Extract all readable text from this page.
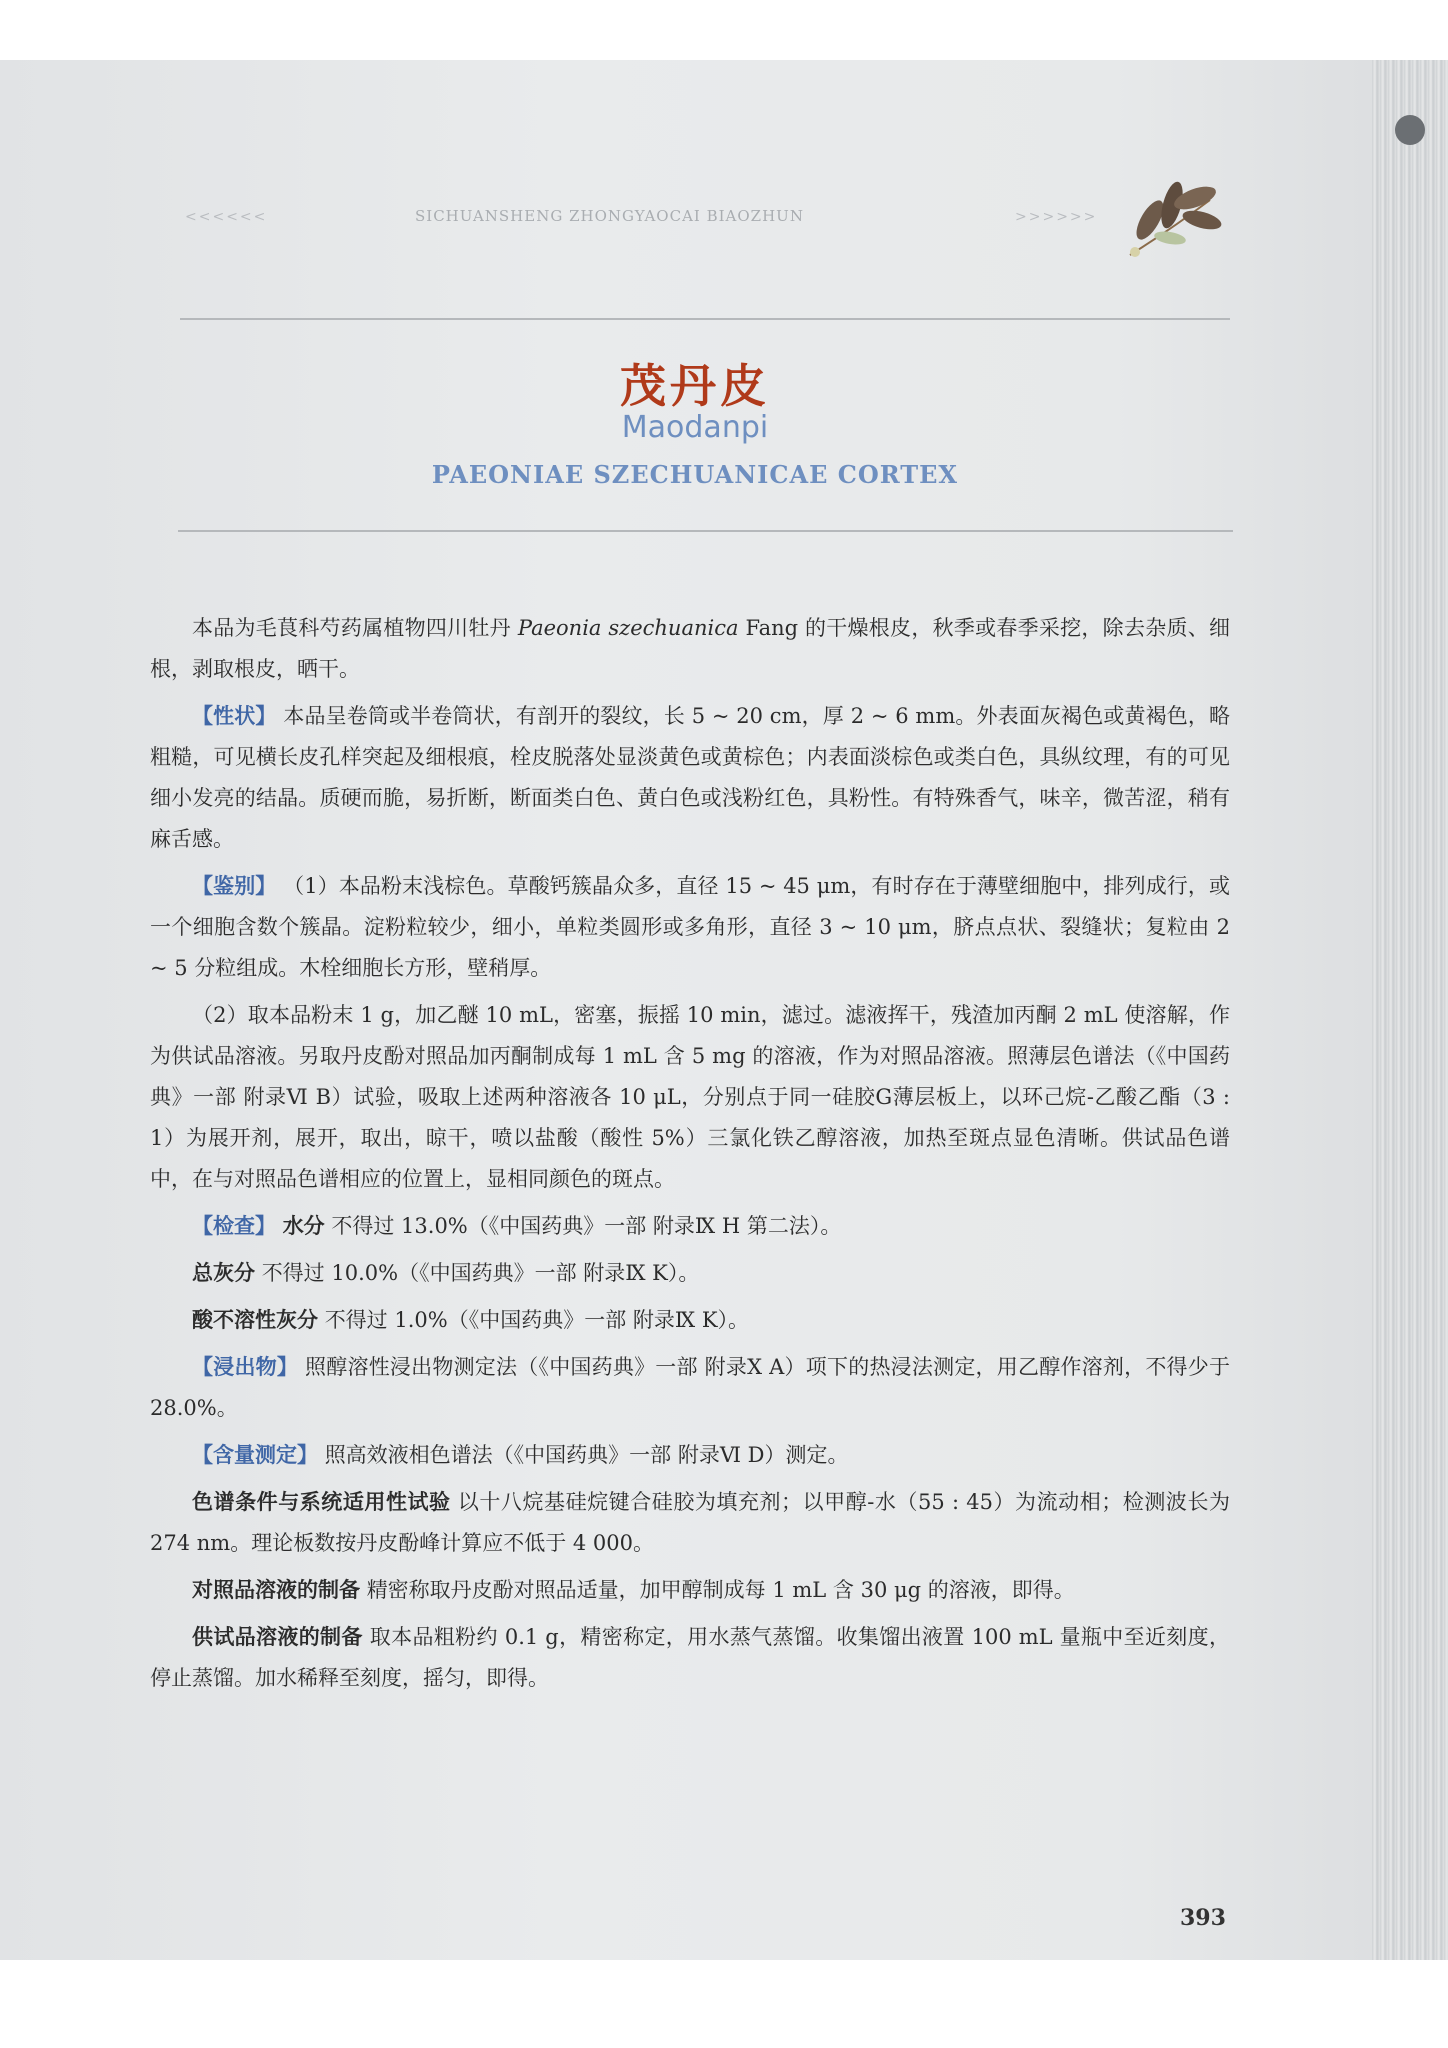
<<<<<<	SICHUANSHENG ZHONGYAOCAI BIAOZHUN	>>>>>>
茂丹皮
Maodanpi
PAEONIAE SZECHUANICAE CORTEX

本品为毛茛科芍药属植物四川牡丹 Paeonia szechuanica Fang 的干燥根皮，秋季或春季采挖，除去杂质、细根，剥取根皮，晒干。

【性状】 本品呈卷筒或半卷筒状，有剖开的裂纹，长 5 ~ 20 cm，厚 2 ~ 6 mm。外表面灰褐色或黄褐色，略粗糙，可见横长皮孔样突起及细根痕，栓皮脱落处显淡黄色或黄棕色；内表面淡棕色或类白色，具纵纹理，有的可见细小发亮的结晶。质硬而脆，易折断，断面类白色、黄白色或浅粉红色，具粉性。有特殊香气，味辛，微苦涩，稍有麻舌感。

【鉴别】 （1）本品粉末浅棕色。草酸钙簇晶众多，直径 15 ~ 45 μm，有时存在于薄壁细胞中，排列成行，或一个细胞含数个簇晶。淀粉粒较少，细小，单粒类圆形或多角形，直径 3 ~ 10 μm，脐点点状、裂缝状；复粒由 2 ~ 5 分粒组成。木栓细胞长方形，壁稍厚。

（2）取本品粉末 1 g，加乙醚 10 mL，密塞，振摇 10 min，滤过。滤液挥干，残渣加丙酮 2 mL 使溶解，作为供试品溶液。另取丹皮酚对照品加丙酮制成每 1 mL 含 5 mg 的溶液，作为对照品溶液。照薄层色谱法（《中国药典》一部 附录Ⅵ B）试验，吸取上述两种溶液各 10 μL，分别点于同一硅胶G薄层板上，以环己烷-乙酸乙酯（3 : 1）为展开剂，展开，取出，晾干，喷以盐酸（酸性 5%）三氯化铁乙醇溶液，加热至斑点显色清晰。供试品色谱中，在与对照品色谱相应的位置上，显相同颜色的斑点。

【检查】 水分 不得过 13.0%（《中国药典》一部 附录Ⅸ H 第二法）。

总灰分 不得过 10.0%（《中国药典》一部 附录Ⅸ K）。

酸不溶性灰分 不得过 1.0%（《中国药典》一部 附录Ⅸ K）。

【浸出物】 照醇溶性浸出物测定法（《中国药典》一部 附录Ⅹ A）项下的热浸法测定，用乙醇作溶剂，不得少于 28.0%。

【含量测定】 照高效液相色谱法（《中国药典》一部 附录Ⅵ D）测定。

色谱条件与系统适用性试验 以十八烷基硅烷键合硅胶为填充剂；以甲醇-水（55 : 45）为流动相；检测波长为 274 nm。理论板数按丹皮酚峰计算应不低于 4 000。

对照品溶液的制备 精密称取丹皮酚对照品适量，加甲醇制成每 1 mL 含 30 μg 的溶液，即得。

供试品溶液的制备 取本品粗粉约 0.1 g，精密称定，用水蒸气蒸馏。收集馏出液置 100 mL 量瓶中至近刻度，停止蒸馏。加水稀释至刻度，摇匀，即得。

393
